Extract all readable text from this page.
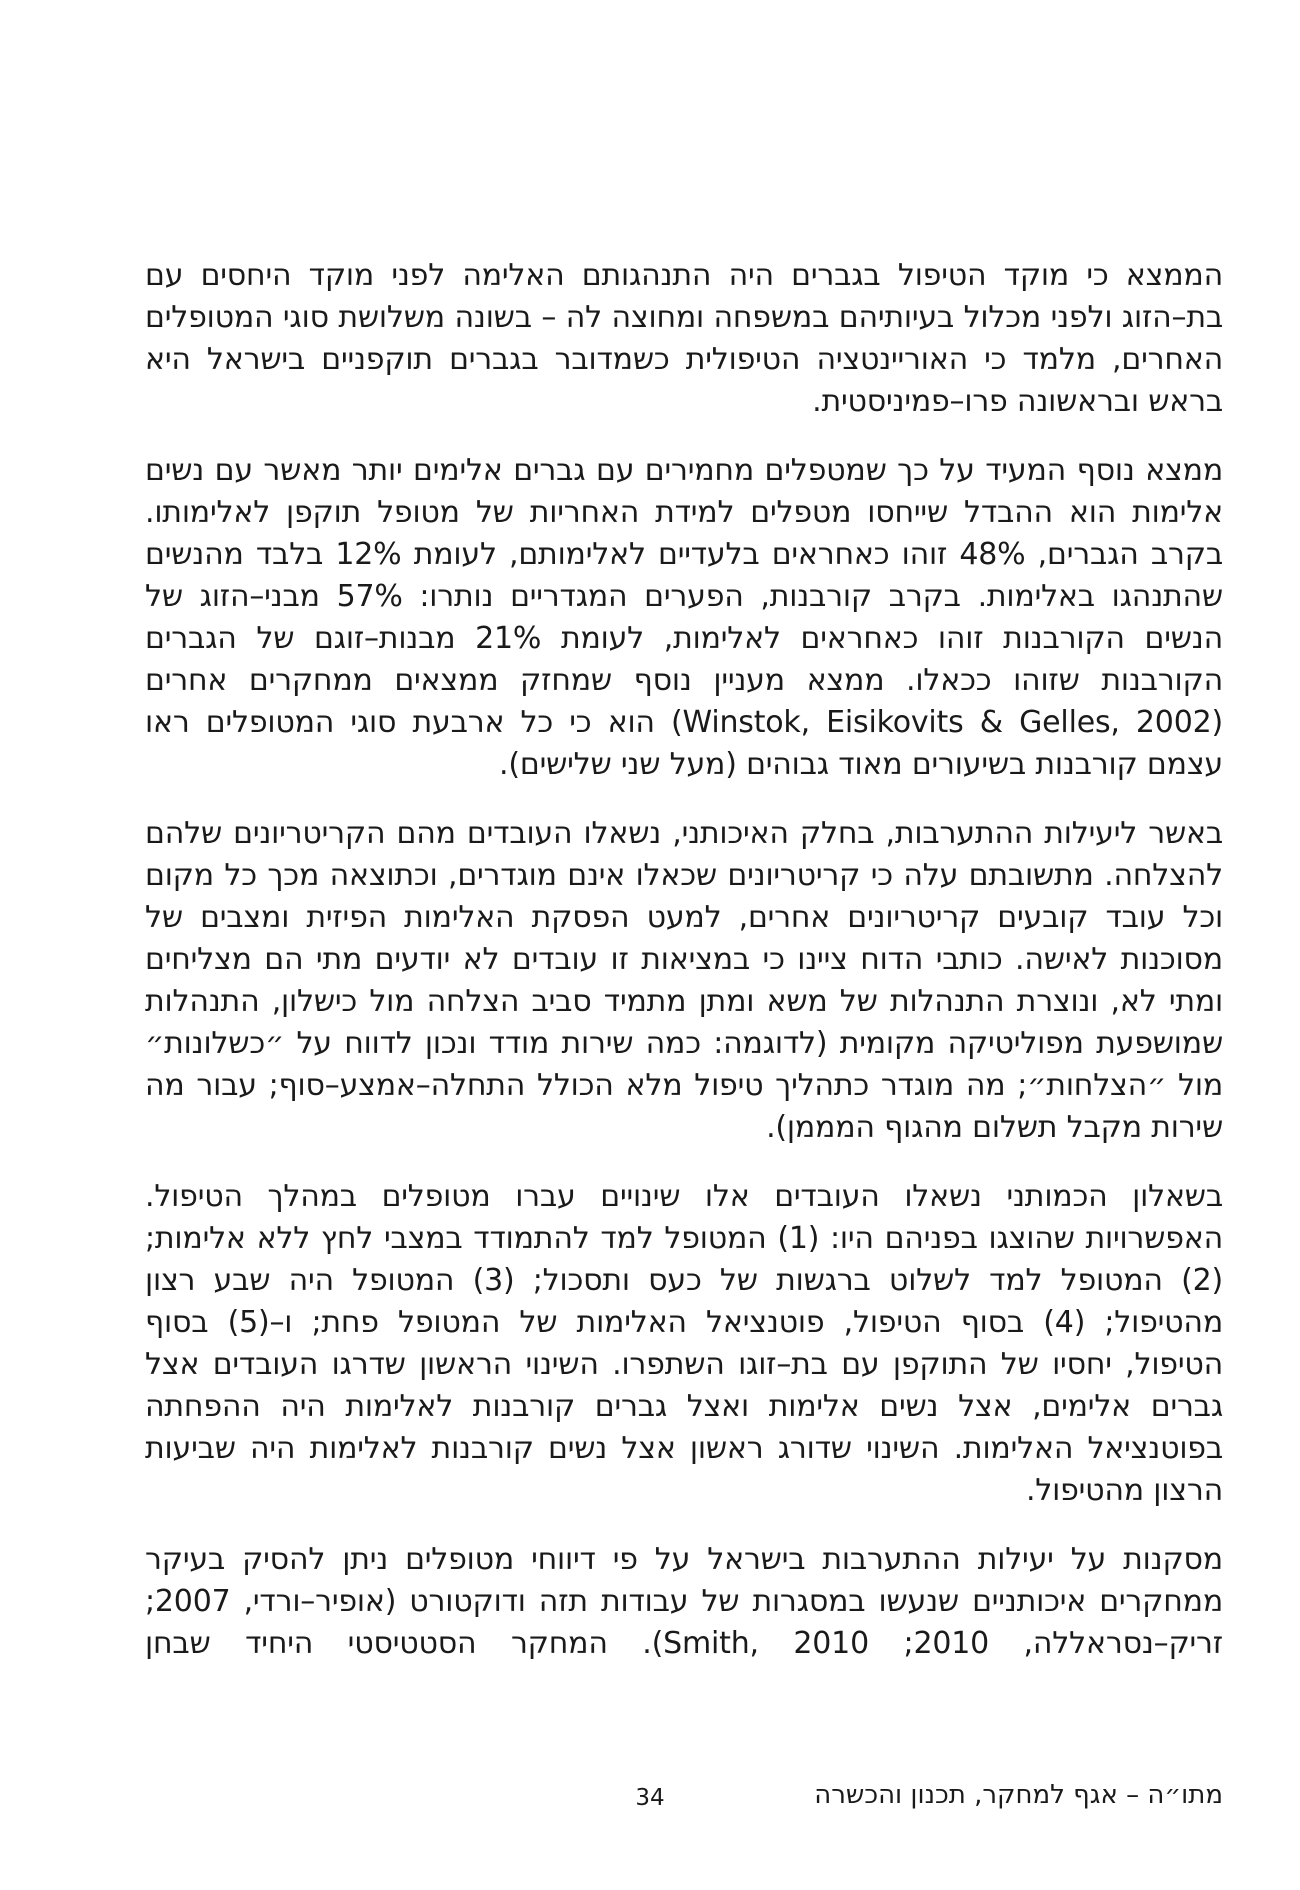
הממצא כי מוקד הטיפול בגברים היה התנהגותם האלימה לפני מוקד היחסים עם בת–הזוג ולפני מכלול בעיותיהם במשפחה ומחוצה לה – בשונה משלושת סוגי המטופלים האחרים, מלמד כי האוריינטציה הטיפולית כשמדובר בגברים תוקפניים בישראל היא בראש ובראשונה פרו–פמיניסטית.

ממצא נוסף המעיד על כך שמטפלים מחמירים עם גברים אלימים יותר מאשר עם נשים אלימות הוא ההבדל שייחסו מטפלים למידת האחריות של מטופל תוקפן לאלימותו. בקרב הגברים, 48% זוהו כאחראים בלעדיים לאלימותם, לעומת 12% בלבד מהנשים שהתנהגו באלימות. בקרב קורבנות, הפערים המגדריים נותרו: 57% מבני–הזוג של הנשים הקורבנות זוהו כאחראים לאלימות, לעומת 21% מבנות–זוגם של הגברים הקורבנות שזוהו ככאלו. ממצא מעניין נוסף שמחזק ממצאים ממחקרים אחרים (Winstok, Eisikovits & Gelles, 2002) הוא כי כל ארבעת סוגי המטופלים ראו עצמם קורבנות בשיעורים מאוד גבוהים (מעל שני שלישים).

באשר ליעילות ההתערבות, בחלק האיכותני, נשאלו העובדים מהם הקריטריונים שלהם להצלחה. מתשובתם עלה כי קריטריונים שכאלו אינם מוגדרים, וכתוצאה מכך כל מקום וכל עובד קובעים קריטריונים אחרים, למעט הפסקת האלימות הפיזית ומצבים של מסוכנות לאישה. כותבי הדוח ציינו כי במציאות זו עובדים לא יודעים מתי הם מצליחים ומתי לא, ונוצרת התנהלות של משא ומתן מתמיד סביב הצלחה מול כישלון, התנהלות שמושפעת מפוליטיקה מקומית (לדוגמה: כמה שירות מודד ונכון לדווח על ״כשלונות״ מול ״הצלחות״; מה מוגדר כתהליך טיפול מלא הכולל התחלה–אמצע–סוף; עבור מה שירות מקבל תשלום מהגוף המממן).

בשאלון הכמותני נשאלו העובדים אלו שינויים עברו מטופלים במהלך הטיפול. האפשרויות שהוצגו בפניהם היו: (1) המטופל למד להתמודד במצבי לחץ ללא אלימות; (2) המטופל למד לשלוט ברגשות של כעס ותסכול; (3) המטופל היה שבע רצון מהטיפול; (4) בסוף הטיפול, פוטנציאל האלימות של המטופל פחת; ו–(5) בסוף הטיפול, יחסיו של התוקפן עם בת–זוגו השתפרו. השינוי הראשון שדרגו העובדים אצל גברים אלימים, אצל נשים אלימות ואצל גברים קורבנות לאלימות היה ההפחתה בפוטנציאל האלימות. השינוי שדורג ראשון אצל נשים קורבנות לאלימות היה שביעות הרצון מהטיפול.

מסקנות על יעילות ההתערבות בישראל על פי דיווחי מטופלים ניתן להסיק בעיקר ממחקרים איכותניים שנעשו במסגרות של עבודות תזה ודוקטורט (אופיר–ורדי, 2007; זריק–נסראללה, 2010; Smith, 2010). המחקר הסטטיסטי היחיד שבחן

מתו״ה – אגף למחקר, תכנון והכשרה
34
